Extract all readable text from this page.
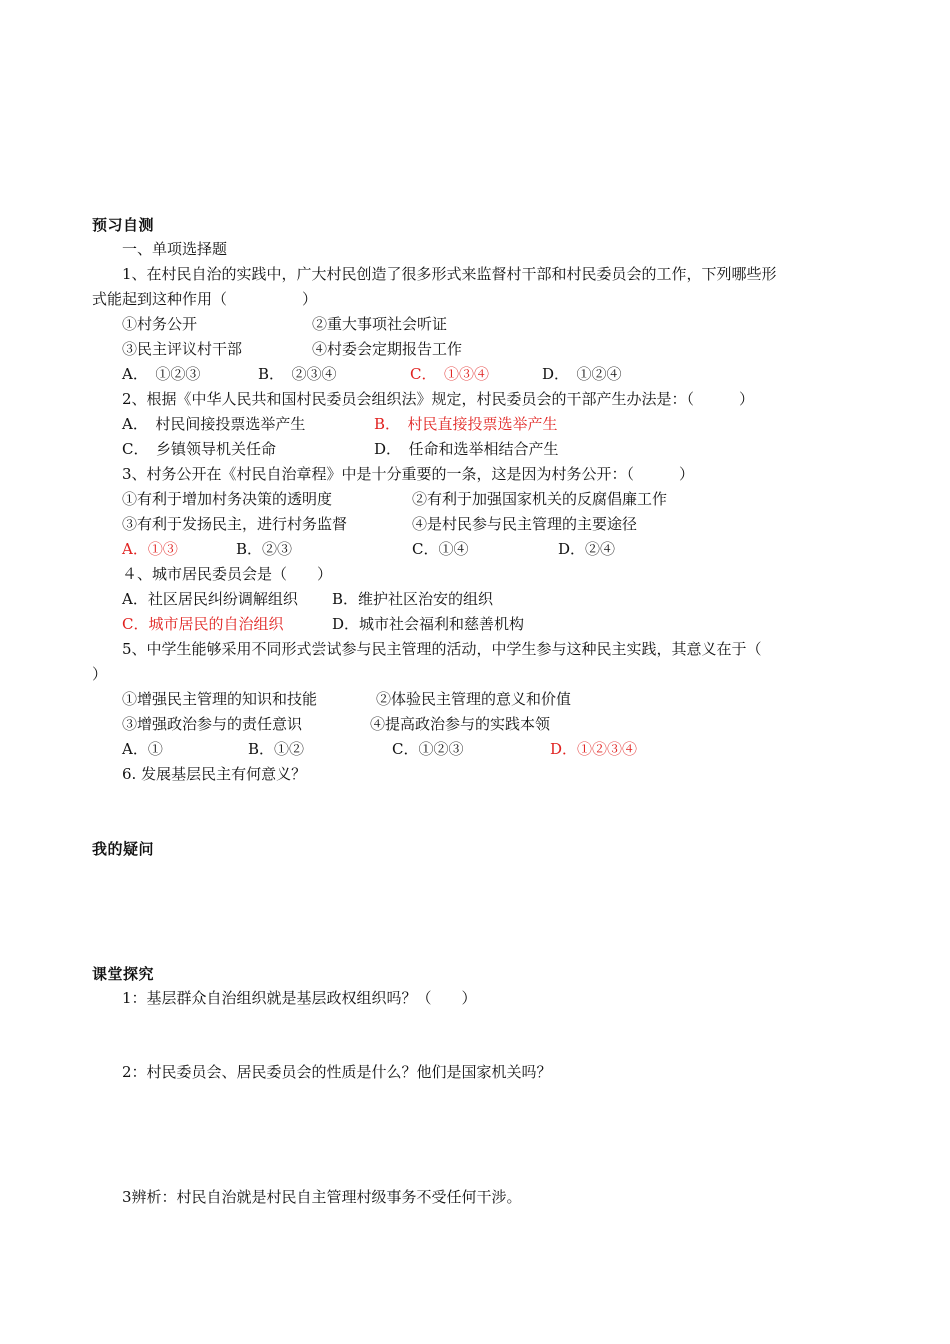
预习自测
一、单项选择题
1、在村民自治的实践中，广大村民创造了很多形式来监督村干部和村民委员会的工作，下列哪些形
式能起到这种作用（　　　　　）
①村务公开	②重大事项社会听证
③民主评议村干部	④村委会定期报告工作
A．　①②③	B．　②③④	C．　①③④	D．　①②④
2、根据《中华人民共和国村民委员会组织法》规定，村民委员会的干部产生办法是：（　　　）
A．　村民间接投票选举产生	B．　村民直接投票选举产生
C．　乡镇领导机关任命	D．　任命和选举相结合产生
3、村务公开在《村民自治章程》中是十分重要的一条，这是因为村务公开：（　　　）
①有利于增加村务决策的透明度	②有利于加强国家机关的反腐倡廉工作
③有利于发扬民主，进行村务监督	④是村民参与民主管理的主要途径
A．①③	B．②③	C．①④	D．②④
４、城市居民委员会是（　　）
A．社区居民纠纷调解组织 B．维护社区治安的组织
C．城市居民的自治组织	D．城市社会福利和慈善机构
5、中学生能够采用不同形式尝试参与民主管理的活动，中学生参与这种民主实践，其意义在于（
）
①增强民主管理的知识和技能	②体验民主管理的意义和价值
③增强政治参与的责任意识	④提高政治参与的实践本领
A．①	B．①②	C．①②③	D．①②③④
6. 发展基层民主有何意义？
我的疑问
课堂探究
1：基层群众自治组织就是基层政权组织吗？（　　）
2：村民委员会、居民委员会的性质是什么？他们是国家机关吗？
3辨析：村民自治就是村民自主管理村级事务不受任何干涉。
